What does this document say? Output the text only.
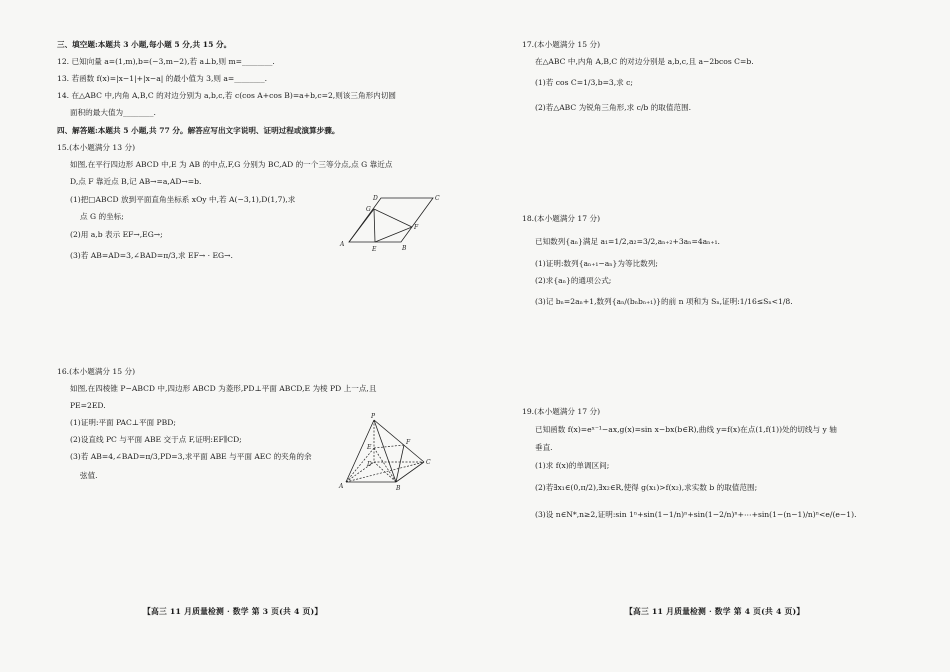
三、填空题:本题共 3 小题,每小题 5 分,共 15 分。
12. 已知向量 a=(1,m),b=(−3,m−2),若 a⊥b,则 m=________.
13. 若函数 f(x)=|x−1|+|x−a| 的最小值为 3,则 a=________.
14. 在△ABC 中,内角 A,B,C 的对边分别为 a,b,c,若 c(cos A+cos B)=a+b,c=2,则该三角形内切圆
面积的最大值为________.
四、解答题:本题共 5 小题,共 77 分。解答应写出文字说明、证明过程或演算步骤。
15.(本小题满分 13 分)
如图,在平行四边形 ABCD 中,E 为 AB 的中点,F,G 分别为 BC,AD 的一个三等分点,点 G 靠近点
D,点 F 靠近点 B,记 AB→=a,AD→=b.
(1)把□ABCD 放到平面直角坐标系 xOy 中,若 A(−3,1),D(1,7),求
点 G 的坐标;
(2)用 a,b 表示 EF→,EG→;
(3)若 AB=AD=3,∠BAD=π/3,求 EF→ · EG→.
A
B
C
D
E
F
G
16.(本小题满分 15 分)
如图,在四棱锥 P−ABCD 中,四边形 ABCD 为菱形,PD⊥平面 ABCD,E 为棱 PD 上一点,且
PE=2ED.
(1)证明:平面 PAC⊥平面 PBD;
(2)设直线 PC 与平面 ABE 交于点 F,证明:EF∥CD;
(3)若 AB=4,∠BAD=π/3,PD=3,求平面 ABE 与平面 AEC 的夹角的余
弦值.
P
A	B
C
D
E
F
【高三 11 月质量检测 · 数学 第 3 页(共 4 页)】
17.(本小题满分 15 分)
在△ABC 中,内角 A,B,C 的对边分别是 a,b,c,且 a−2bcos C=b.
(1)若 cos C=1/3,b=3,求 c;
(2)若△ABC 为锐角三角形,求 c/b 的取值范围.
18.(本小题满分 17 分)
已知数列{aₙ}满足 a₁=1/2,a₂=3/2,aₙ₊₂+3aₙ=4aₙ₊₁.
(1)证明:数列{aₙ₊₁−aₙ}为等比数列;
(2)求{aₙ}的通项公式;
(3)记 bₙ=2aₙ+1,数列{aₙ/(bₙbₙ₊₁)}的前 n 项和为 Sₙ,证明:1/16≤Sₙ<1/8.
19.(本小题满分 17 分)
已知函数 f(x)=eˣ⁻¹−ax,g(x)=sin x−bx(b∈R),曲线 y=f(x)在点(1,f(1))处的切线与 y 轴
垂直.
(1)求 f(x)的单调区间;
(2)若∃x₁∈(0,π/2),∃x₂∈R,使得 g(x₁)>f(x₂),求实数 b 的取值范围;
(3)设 n∈N*,n≥2,证明:sin 1ⁿ+sin(1−1/n)ⁿ+sin(1−2/n)ⁿ+⋯+sin(1−(n−1)/n)ⁿ<e/(e−1).
【高三 11 月质量检测 · 数学 第 4 页(共 4 页)】
